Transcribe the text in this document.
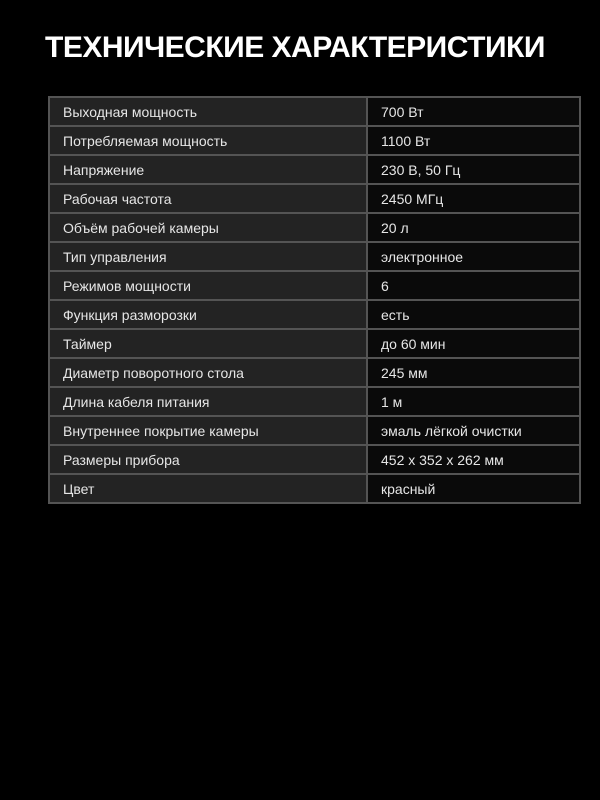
ТЕХНИЧЕСКИЕ ХАРАКТЕРИСТИКИ
Выходная мощность	700 Вт
Потребляемая мощность	1100 Вт
Напряжение	230 В, 50 Гц
Рабочая частота	2450 МГц
Объём рабочей камеры	20 л
Тип управления	электронное
Режимов мощности	6
Функция разморозки	есть
Таймер	до 60 мин
Диаметр поворотного стола	245 мм
Длина кабеля питания	1 м
Внутреннее покрытие камеры	эмаль лёгкой очистки
Размеры прибора	452 x 352 x 262 мм
Цвет	красный
